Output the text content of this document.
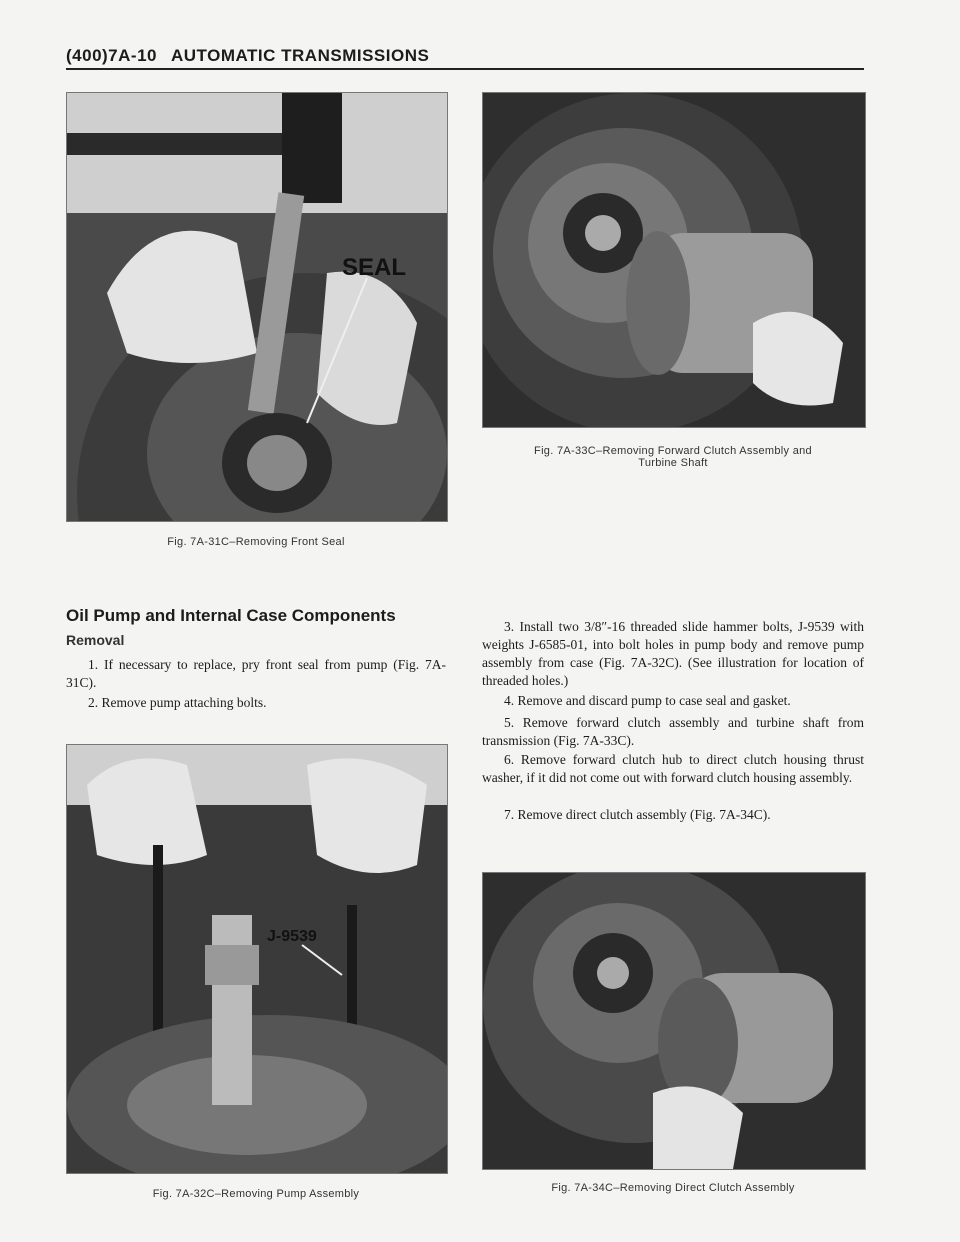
(400)7A-10 AUTOMATIC TRANSMISSIONS
SEAL
Fig. 7A-31C–Removing Front Seal
Fig. 7A-33C–Removing Forward Clutch Assembly and
Turbine Shaft
Oil Pump and Internal Case Components
Removal

1. If necessary to replace, pry front seal from pump (Fig. 7A-31C).

2. Remove pump attaching bolts.

3. Install two 3/8″-16 threaded slide hammer bolts, J-9539 with weights J-6585-01, into bolt holes in pump body and remove pump assembly from case (Fig. 7A-32C). (See illustration for location of threaded holes.)

4. Remove and discard pump to case seal and gasket.

5. Remove forward clutch assembly and turbine shaft from transmission (Fig. 7A-33C).

6. Remove forward clutch hub to direct clutch housing thrust washer, if it did not come out with forward clutch housing assembly.

7. Remove direct clutch assembly (Fig. 7A-34C).

J-9539
Fig. 7A-32C–Removing Pump Assembly	Fig. 7A-34C–Removing Direct Clutch Assembly
